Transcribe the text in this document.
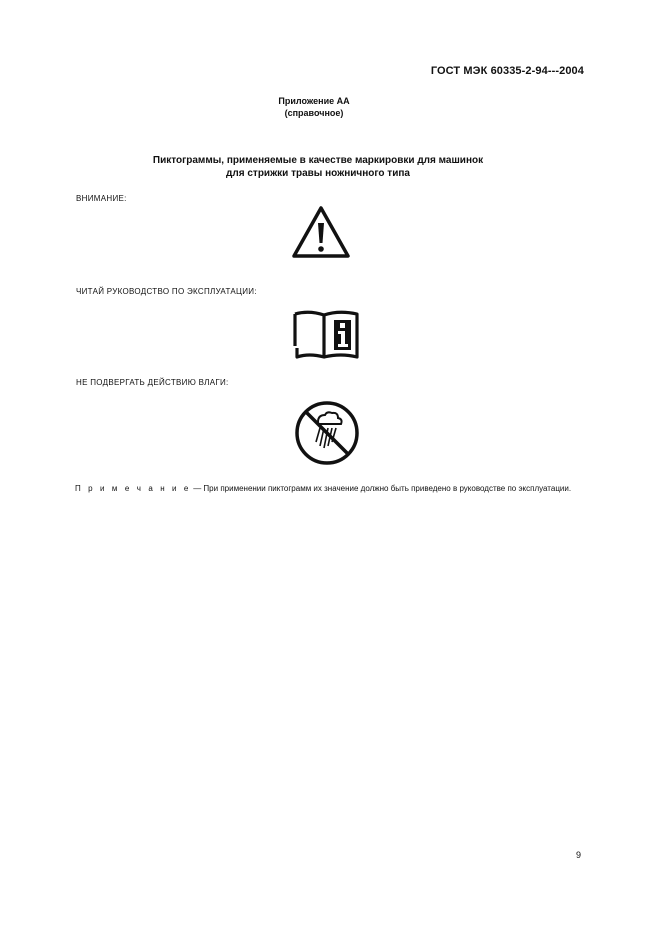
ГОСТ МЭК 60335-2-94---2004
Приложение АА
(справочное)
Пиктограммы, применяемые в качестве маркировки для машинок
для стрижки травы ножничного типа
ВНИМАНИЕ:
ЧИТАЙ РУКОВОДСТВО ПО ЭКСПЛУАТАЦИИ:
НЕ ПОДВЕРГАТЬ ДЕЙСТВИЮ ВЛАГИ:
П р и м е ч а н и е — При применении пиктограмм их значение должно быть приведено в руководстве по эксплуатации.
9
